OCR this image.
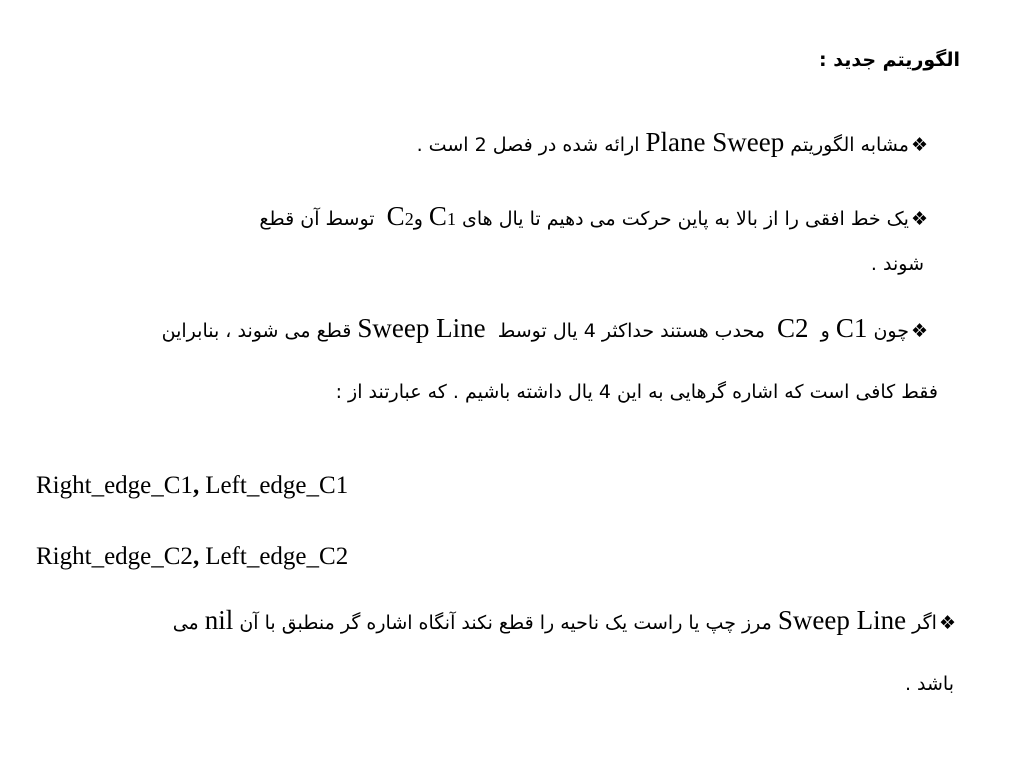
الگوریتم جدید :
❖مشابه الگوریتم Plane Sweep ارائه شده در فصل 2 است .
❖یک خط افقی را از بالا به پاین حرکت می دهیم تا یال های C1 وC2  توسط آن قطع
شوند .
❖چون C1 و  C2  محدب هستند حداکثر 4 یال توسط  Sweep Line قطع می شوند ، بنابراین
فقط کافی است که اشاره گرهایی به این 4 یال داشته باشیم . که عبارتند از :
Right_edge_C1, Left_edge_C1
Right_edge_C2, Left_edge_C2
❖اگر Sweep Line مرز چپ یا راست یک ناحیه را قطع نکند آنگاه اشاره گر منطبق با آن nil می
باشد .
